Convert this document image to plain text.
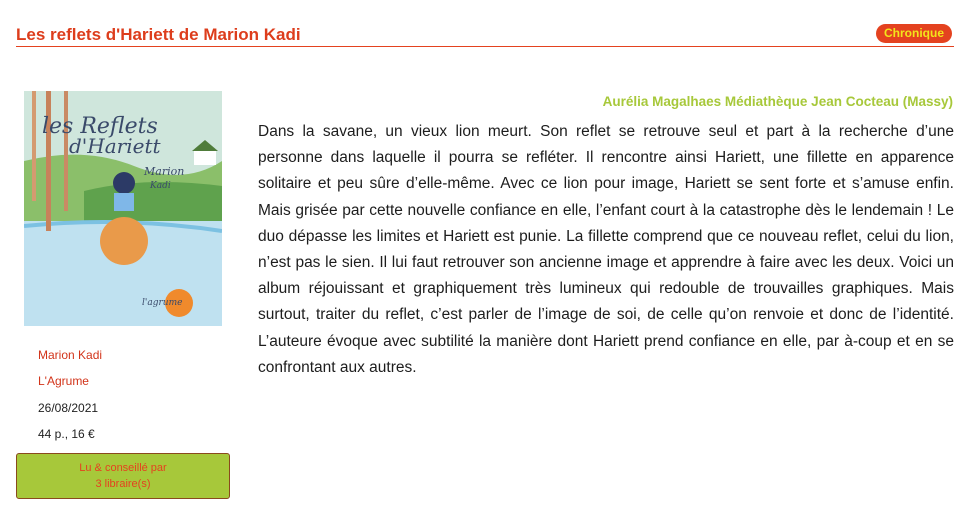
Les reflets d'Hariett de Marion Kadi	Chronique
les Reflets
d'Hariett
Marion
Kadi
l'agrume
Marion Kadi
L'Agrume
26/08/2021
44 p., 16 €
Lu & conseillé par
3 libraire(s)
Aurélia Magalhaes Médiathèque Jean Cocteau (Massy)

Dans la savane, un vieux lion meurt. Son reflet se retrouve seul et part à la recherche d’une personne dans laquelle il pourra se refléter. Il rencontre ainsi Hariett, une fillette en apparence solitaire et peu sûre d’elle-même. Avec ce lion pour image, Hariett se sent forte et s’amuse enfin. Mais grisée par cette nouvelle confiance en elle, l’enfant court à la catastrophe dès le lendemain ! Le duo dépasse les limites et Hariett est punie. La fillette comprend que ce nouveau reflet, celui du lion, n’est pas le sien. Il lui faut retrouver son ancienne image et apprendre à faire avec les deux. Voici un album réjouissant et graphiquement très lumineux qui redouble de trouvailles graphiques. Mais surtout, traiter du reflet, c’est parler de l’image de soi, de celle qu’on renvoie et donc de l’identité. L’auteure évoque avec subtilité la manière dont Hariett prend confiance en elle, par à-coup et en se confrontant aux autres.
